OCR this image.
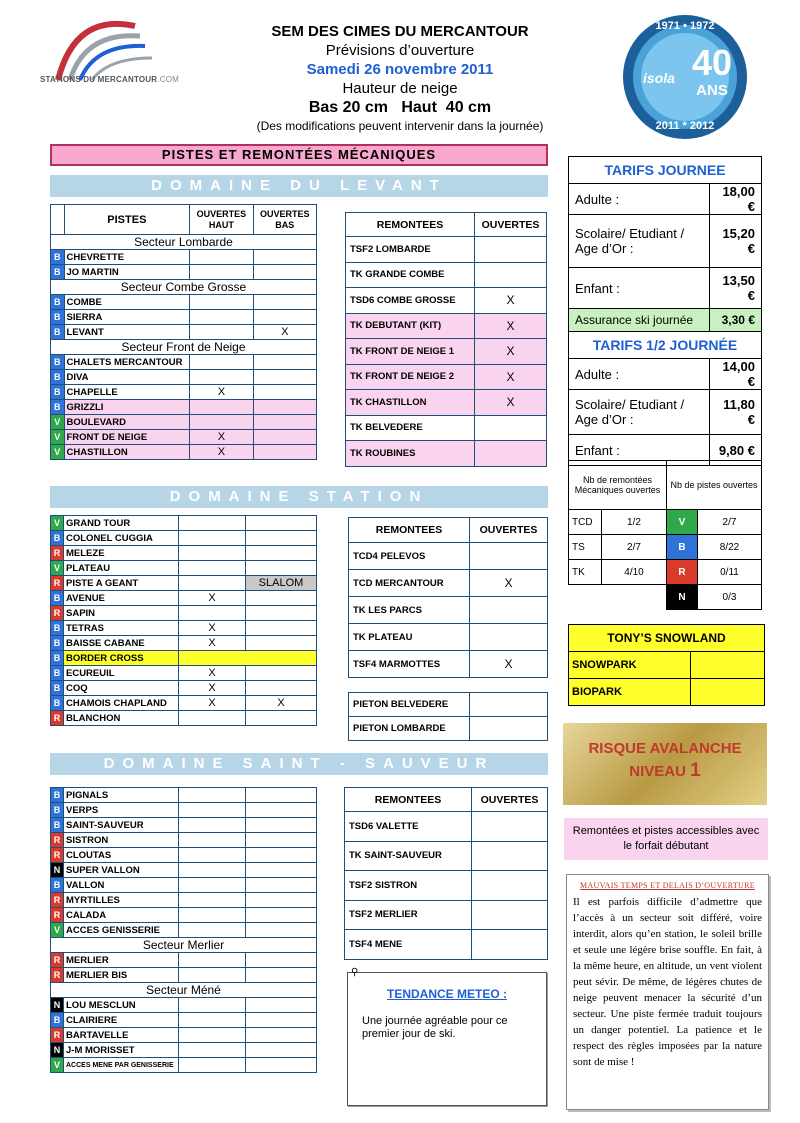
STATIONS DU MERCANTOUR.COM
SEM DES CIMES DU MERCANTOUR
Prévisions d’ouverture
Samedi 26 novembre 2011
Hauteur de neige
Bas 20 cm   Haut  40 cm
(Des modifications peuvent intervenir dans la journée)
1971 • 1972
40
ANS
isola
2011 * 2012
PISTES ET REMONTÉES MÉCANIQUES
DOMAINE DU LEVANT
	PISTES	OUVERTES HAUT	OUVERTES BAS
Secteur Lombarde			
B	CHEVRETTE		
B	JO MARTIN		
Secteur Combe Grosse			
B	COMBE		
B	SIERRA		
B	LEVANT		X
Secteur Front de Neige			
B	CHALETS MERCANTOUR		
B	DIVA		
B	CHAPELLE	X	
B	GRIZZLI		
V	BOULEVARD		
V	FRONT DE NEIGE	X	
V	CHASTILLON	X	
REMONTEES	OUVERTES
TSF2 LOMBARDE	
TK GRANDE COMBE	
TSD6 COMBE GROSSE	X
TK DEBUTANT (KIT)	X
TK FRONT DE NEIGE 1	X
TK FRONT DE NEIGE 2	X
TK CHASTILLON	X
TK BELVEDERE	
TK ROUBINES	
DOMAINE STATION
V	GRAND TOUR		
B	COLONEL CUGGIA		
R	MELEZE		
V	PLATEAU		
R	PISTE A GEANT		SLALOM
B	AVENUE	X	
R	SAPIN		
B	TETRAS	X	
B	BAISSE CABANE	X	
B	BORDER CROSS		
B	ECUREUIL	X	
B	COQ	X	
B	CHAMOIS CHAPLAND	X	X
R	BLANCHON		
REMONTEES	OUVERTES
TCD4 PELEVOS	
TCD MERCANTOUR	X
TK LES PARCS	
TK PLATEAU	
TSF4 MARMOTTES	X
PIETON BELVEDERE	
PIETON LOMBARDE	
DOMAINE SAINT - SAUVEUR
B	PIGNALS		
B	VERPS		
B	SAINT-SAUVEUR		
R	SISTRON		
R	CLOUTAS		
N	SUPER VALLON		
B	VALLON		
R	MYRTILLES		
R	CALADA		
V	ACCES GENISSERIE		
Secteur Merlier			
R	MERLIER		
R	MERLIER BIS		
Secteur Méné			
N	LOU MESCLUN		
B	CLAIRIERE		
R	BARTAVELLE		
N	J-M MORISSET		
V	ACCES MENE PAR GENISSERIE		
REMONTEES	OUVERTES
TSD6 VALETTE	
TK SAINT-SAUVEUR	
TSF2 SISTRON	
TSF2 MERLIER	
TSF4 MENE	
⚲
TENDANCE METEO :
Une journée agréable pour ce premier jour de ski.
TARIFS JOURNEE	
Adulte :	18,00 €
Scolaire/ Etudiant / Age d’Or :	15,20 €
Enfant :	13,50 €
Assurance ski journée	3,30 €
TARIFS 1/2 JOURNÉE	
Adulte :	14,00 €
Scolaire/ Etudiant / Age d’Or :	11,80 €
Enfant :	9,80 €
Nb de remontées Mécaniques ouvertes		Nb de pistes ouvertes	
TCD	1/2	V	2/7
TS	2/7	B	8/22
TK	4/10	R	0/11
		N	0/3
TONY’S SNOWLAND	
SNOWPARK	
BIOPARK	
RISQUE AVALANCHE
NIVEAU 1
Remontées et pistes accessibles avec le forfait débutant
MAUVAIS TEMPS ET DELAIS D’OUVERTURE
Il est parfois difficile d’admettre que l’accès à un secteur soit différé, voire interdit, alors qu’en station, le soleil brille et seule une légère brise souffle. En fait, à la même heure, en altitude, un vent violent peut sévir. De même, de légères chutes de neige peuvent menacer la sécurité d’un secteur. Une piste fermée traduit toujours un danger potentiel. La patience et le respect des règles imposées par la nature sont de mise !
